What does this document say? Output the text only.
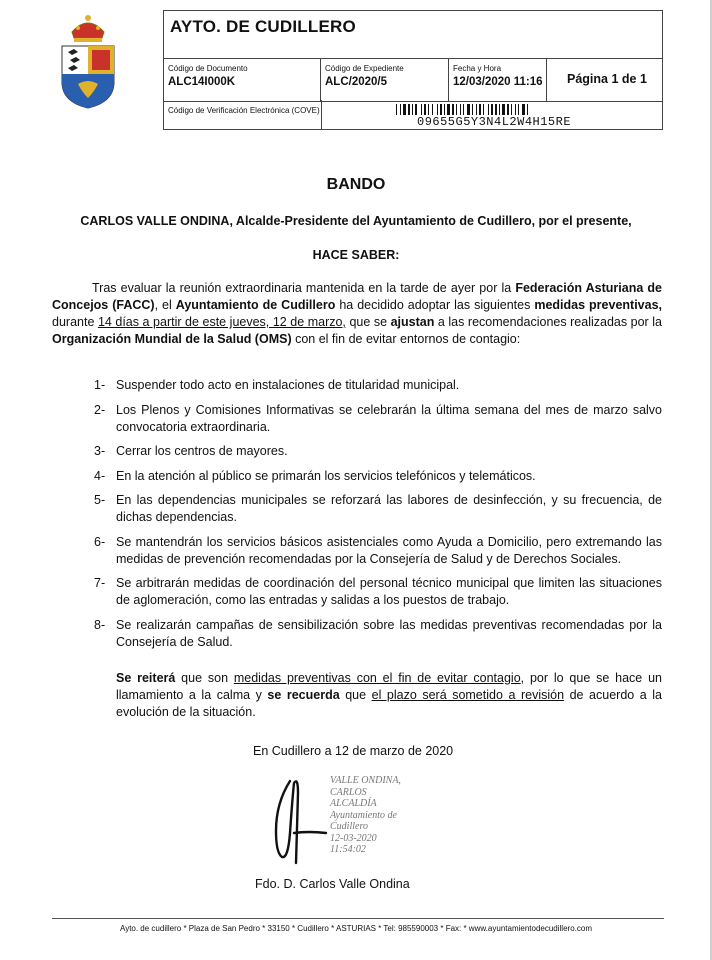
AYTO. DE CUDILLERO
Código de Documento
ALC14I000K
Código de Expediente
ALC/2020/5
Fecha y Hora
12/03/2020 11:16 Página 1 de 1
Código de Verificación Electrónica (COVE)
09655G5Y3N4L2W4H15RE
BANDO
CARLOS VALLE ONDINA, Alcalde-Presidente del Ayuntamiento de Cudillero, por el presente,
HACE SABER:
Tras evaluar la reunión extraordinaria mantenida en la tarde de ayer por la Federación Asturiana de Concejos (FACC), el Ayuntamiento de Cudillero ha decidido adoptar las siguientes medidas preventivas, durante 14 días a partir de este jueves, 12 de marzo, que se ajustan a las recomendaciones realizadas por la Organización Mundial de la Salud (OMS) con el fin de evitar entornos de contagio:
1- Suspender todo acto en instalaciones de titularidad municipal.
2- Los Plenos y Comisiones Informativas se celebrarán la última semana del mes de marzo salvo convocatoria extraordinaria.
3- Cerrar los centros de mayores.
4- En la atención al público se primarán los servicios telefónicos y telemáticos.
5- En las dependencias municipales se reforzará las labores de desinfección, y su frecuencia, de dichas dependencias.
6- Se mantendrán los servicios básicos asistenciales como Ayuda a Domicilio, pero extremando las medidas de prevención recomendadas por la Consejería de Salud y de Derechos Sociales.
7- Se arbitrarán medidas de coordinación del personal técnico municipal que limiten las situaciones de aglomeración, como las entradas y salidas a los puestos de trabajo.
8- Se realizarán campañas de sensibilización sobre las medidas preventivas recomendadas por la Consejería de Salud.
Se reiterá que son medidas preventivas con el fin de evitar contagio, por lo que se hace un llamamiento a la calma y se recuerda que el plazo será sometido a revisión de acuerdo a la evolución de la situación.
En Cudillero a 12 de marzo de 2020
VALLE ONDINA,
CARLOS
ALCALDÍA
Ayuntamiento de
Cudillero
12-03-2020
11:54:02
Fdo. D. Carlos Valle Ondina
Ayto. de cudillero * Plaza de San Pedro * 33150 * Cudillero * ASTURIAS * Tel: 985590003 * Fax: * www.ayuntamientodecudillero.com
